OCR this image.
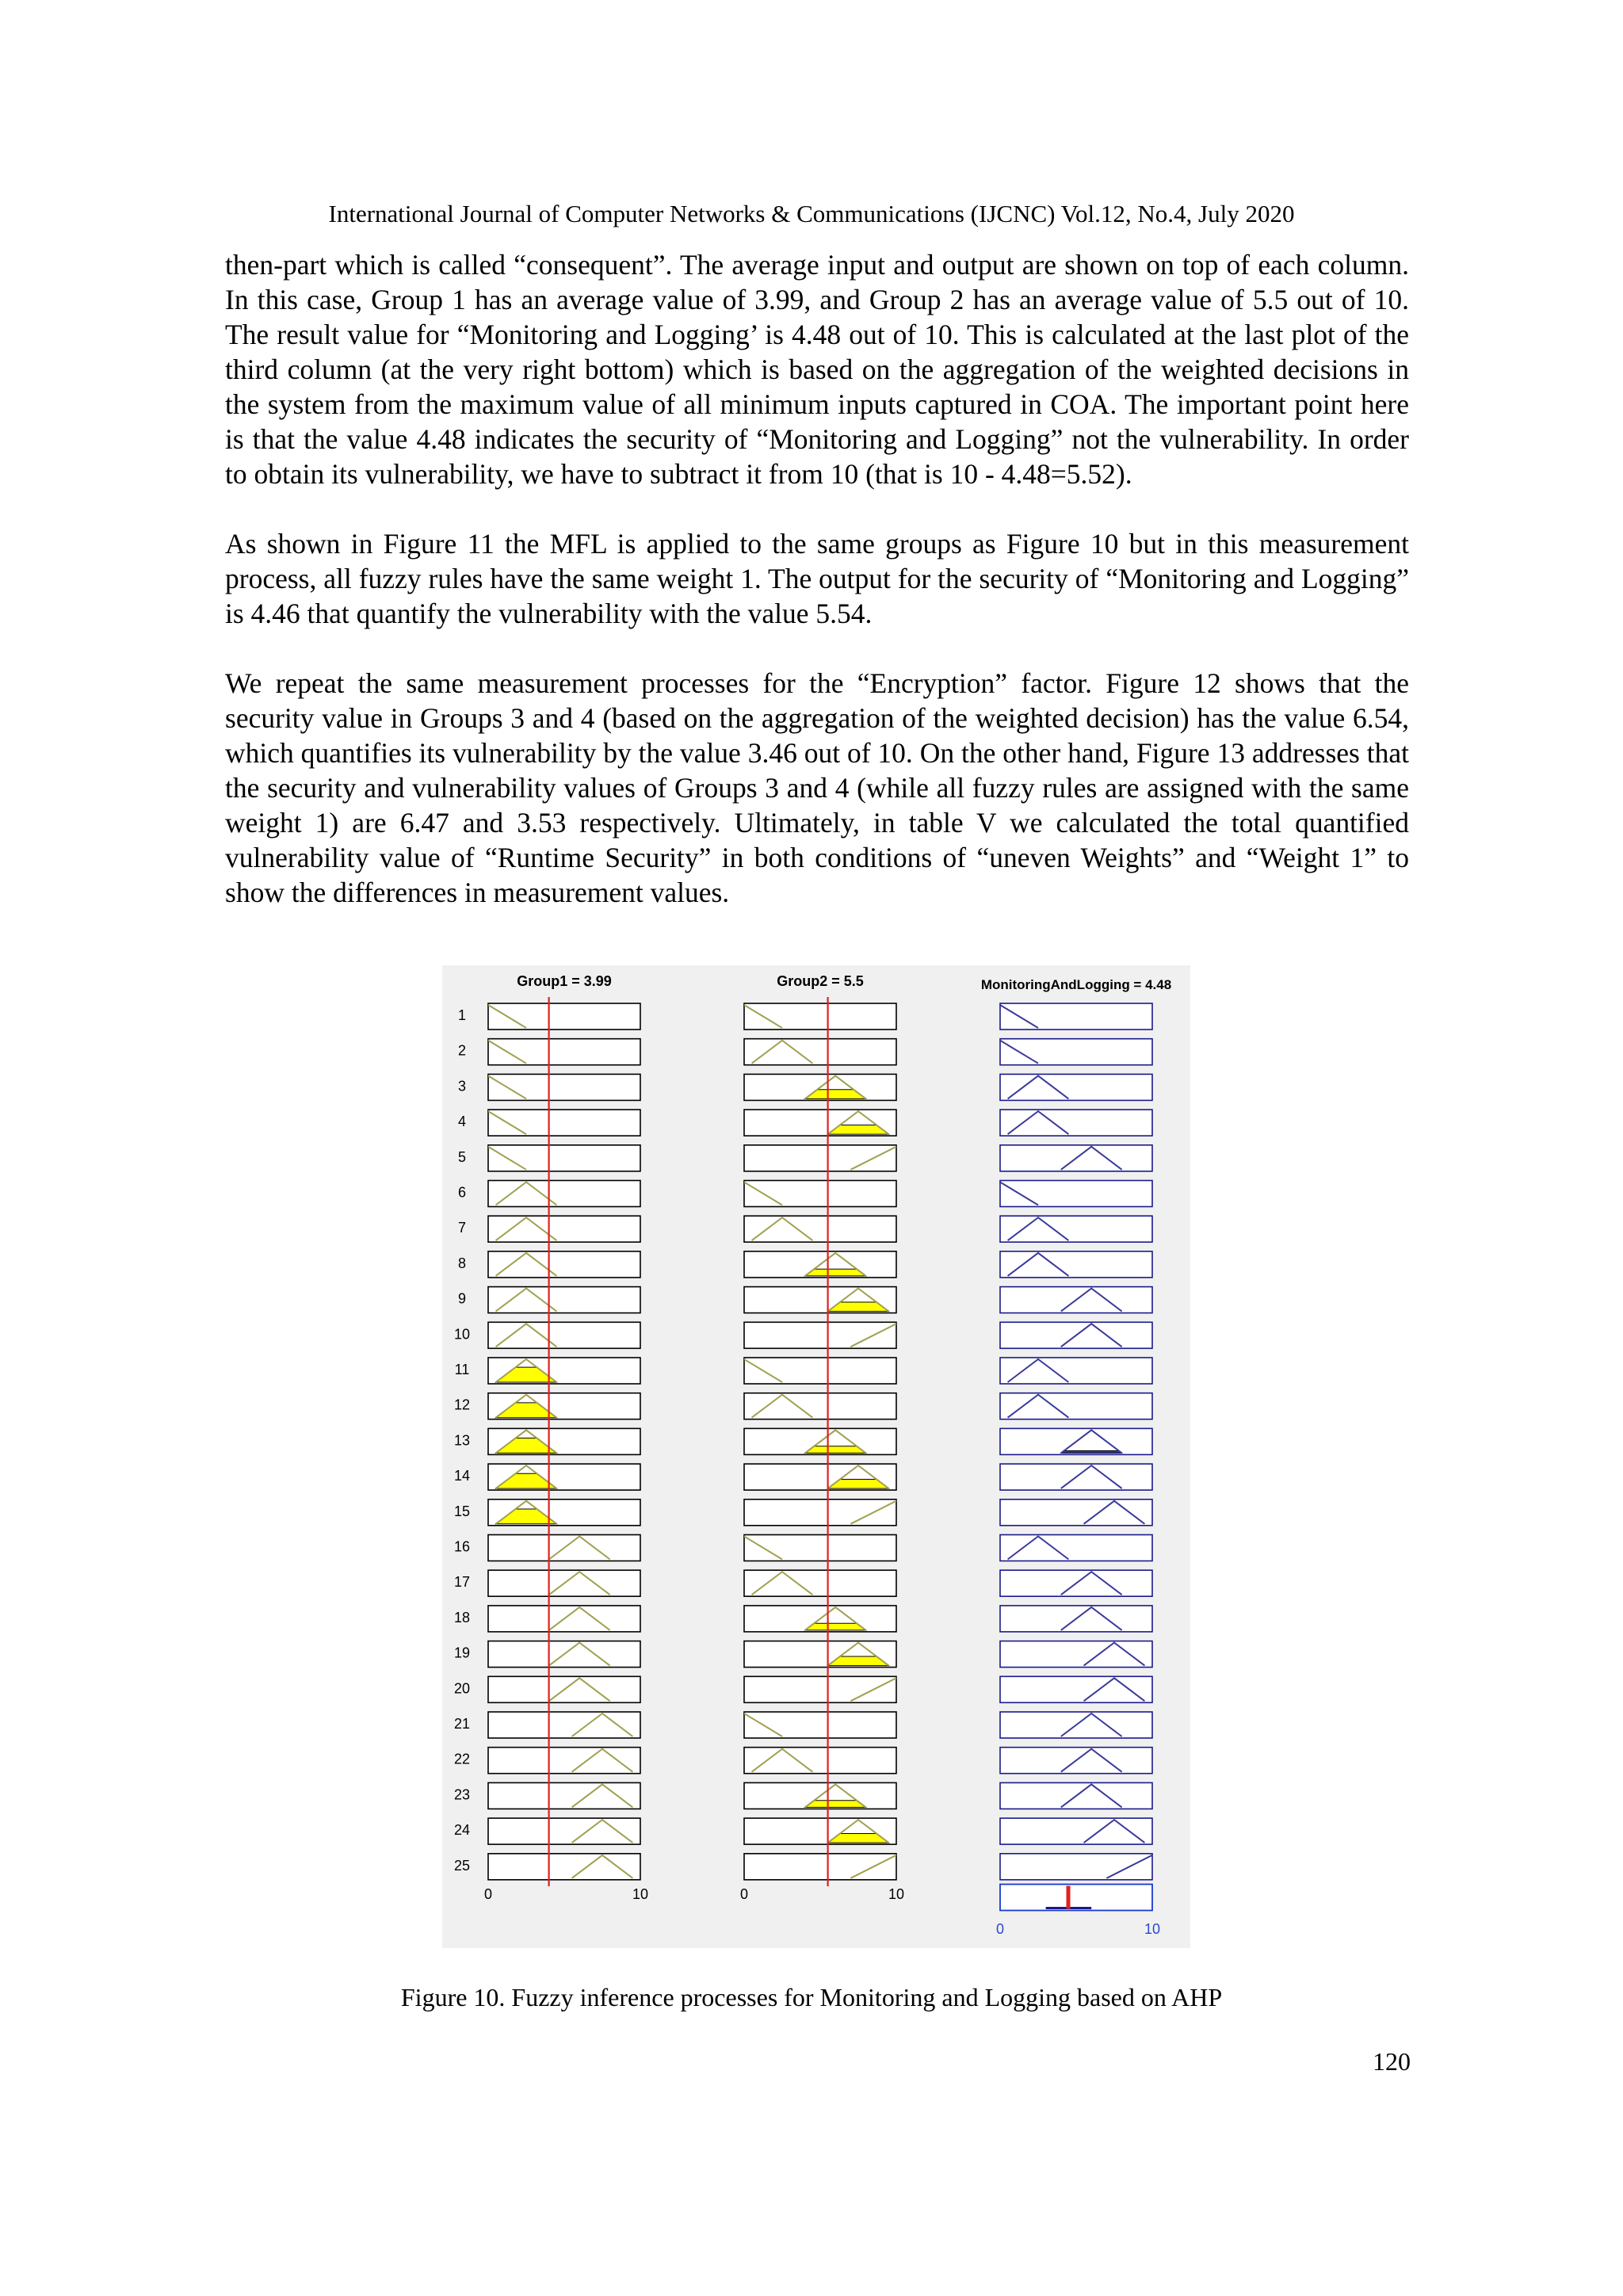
International Journal of Computer Networks & Communications (IJCNC) Vol.12, No.4, July 2020

then-part which is called “consequent”. The average input and output are shown on top of each column. In this case, Group 1 has an average value of 3.99, and Group 2 has an average value of 5.5 out of 10. The result value for “Monitoring and Logging’ is 4.48 out of 10. This is calculated at the last plot of the third column (at the very right bottom) which is based on the aggregation of the weighted decisions in the system from the maximum value of all minimum inputs captured in COA. The important point here is that the value 4.48 indicates the security of “Monitoring and Logging” not the vulnerability. In order to obtain its vulnerability, we have to subtract it from 10 (that is 10 - 4.48=5.52).

As shown in Figure 11 the MFL is applied to the same groups as Figure 10 but in this measurement process, all fuzzy rules have the same weight 1. The output for the security of “Monitoring and Logging” is 4.46 that quantify the vulnerability with the value 5.54.

We repeat the same measurement processes for the “Encryption” factor. Figure 12 shows that the security value in Groups 3 and 4 (based on the aggregation of the weighted decision) has the value 6.54, which quantifies its vulnerability by the value 3.46 out of 10. On the other hand, Figure 13 addresses that the security and vulnerability values of Groups 3 and 4 (while all fuzzy rules are assigned with the same weight 1) are 6.47 and 3.53 respectively. Ultimately, in table V we calculated the total quantified vulnerability value of “Runtime Security” in both conditions of “uneven Weights” and “Weight 1” to show the differences in measurement values.

Group1 = 3.99
1
2
3
4
5
6
7
8
9
10
11
12
13
14
15
16
17
18
19
20
21
22
23
24
25
0	10
Group2 = 5.5
0	10
MonitoringAndLogging = 4.48
0	10
Figure 10. Fuzzy inference processes for Monitoring and Logging based on AHP
120
